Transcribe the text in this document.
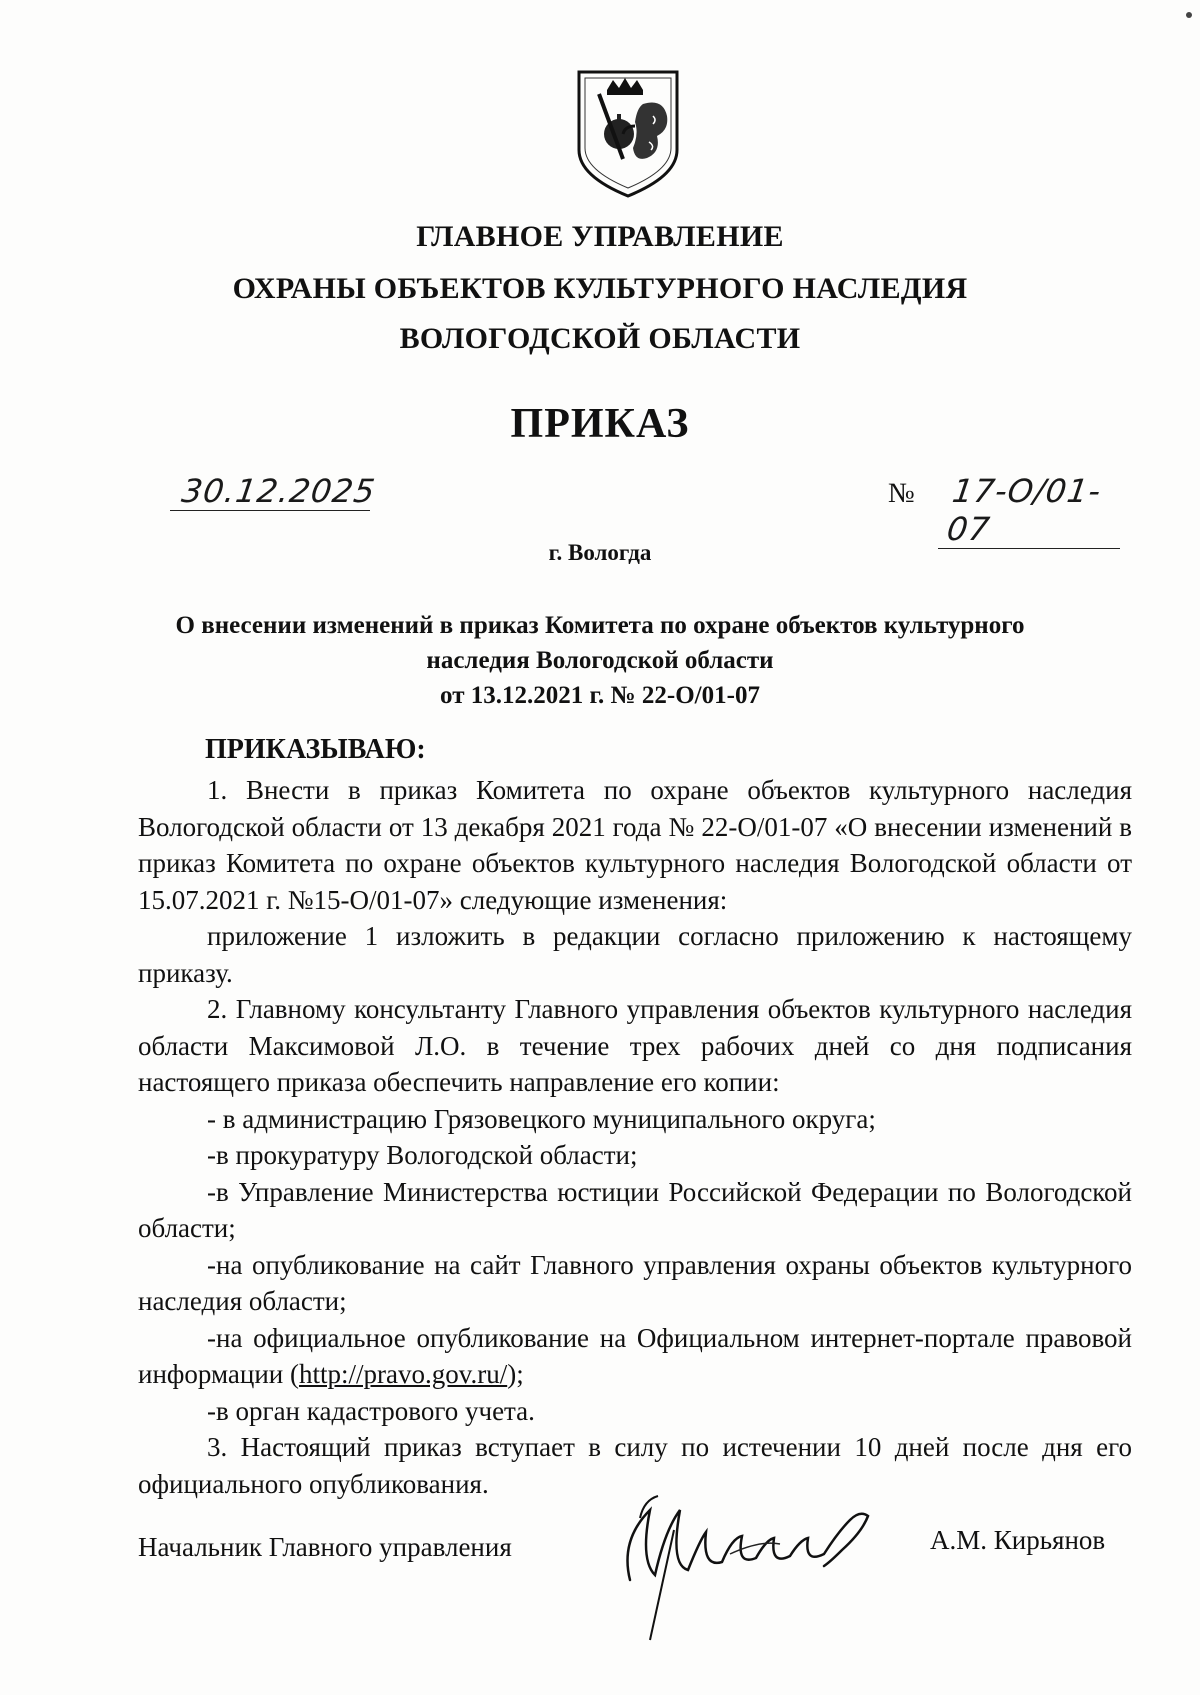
ГЛАВНОЕ УПРАВЛЕНИЕ
ОХРАНЫ ОБЪЕКТОВ КУЛЬТУРНОГО НАСЛЕДИЯ
ВОЛОГОДСКОЙ ОБЛАСТИ
ПРИКАЗ
30.12.2025	№	17-О/01-07
г. Вологда
О внесении изменений в приказ Комитета по охране объектов культурного
наследия Вологодской области
от 13.12.2021 г. № 22-О/01-07
ПРИКАЗЫВАЮ:

1. Внести в приказ Комитета по охране объектов культурного наследия Вологодской области от 13 декабря 2021 года № 22-О/01-07 «О внесении изменений в приказ Комитета по охране объектов культурного наследия Вологодской области от 15.07.2021 г. №15-О/01-07» следующие изменения:

приложение 1 изложить в редакции согласно приложению к настоящему приказу.

2. Главному консультанту Главного управления объектов культурного наследия области Максимовой Л.О. в течение трех рабочих дней со дня подписания настоящего приказа обеспечить направление его копии:

- в администрацию Грязовецкого муниципального округа;

-в прокуратуру Вологодской области;

-в Управление Министерства юстиции Российской Федерации по Вологодской области;

-на опубликование на сайт Главного управления охраны объектов культурного наследия области;

-на официальное опубликование на Официальном интернет-портале правовой информации (http://pravo.gov.ru/);

-в орган кадастрового учета.

3. Настоящий приказ вступает в силу по истечении 10 дней после дня его официального опубликования.

Начальник Главного управления	А.М. Кирьянов
